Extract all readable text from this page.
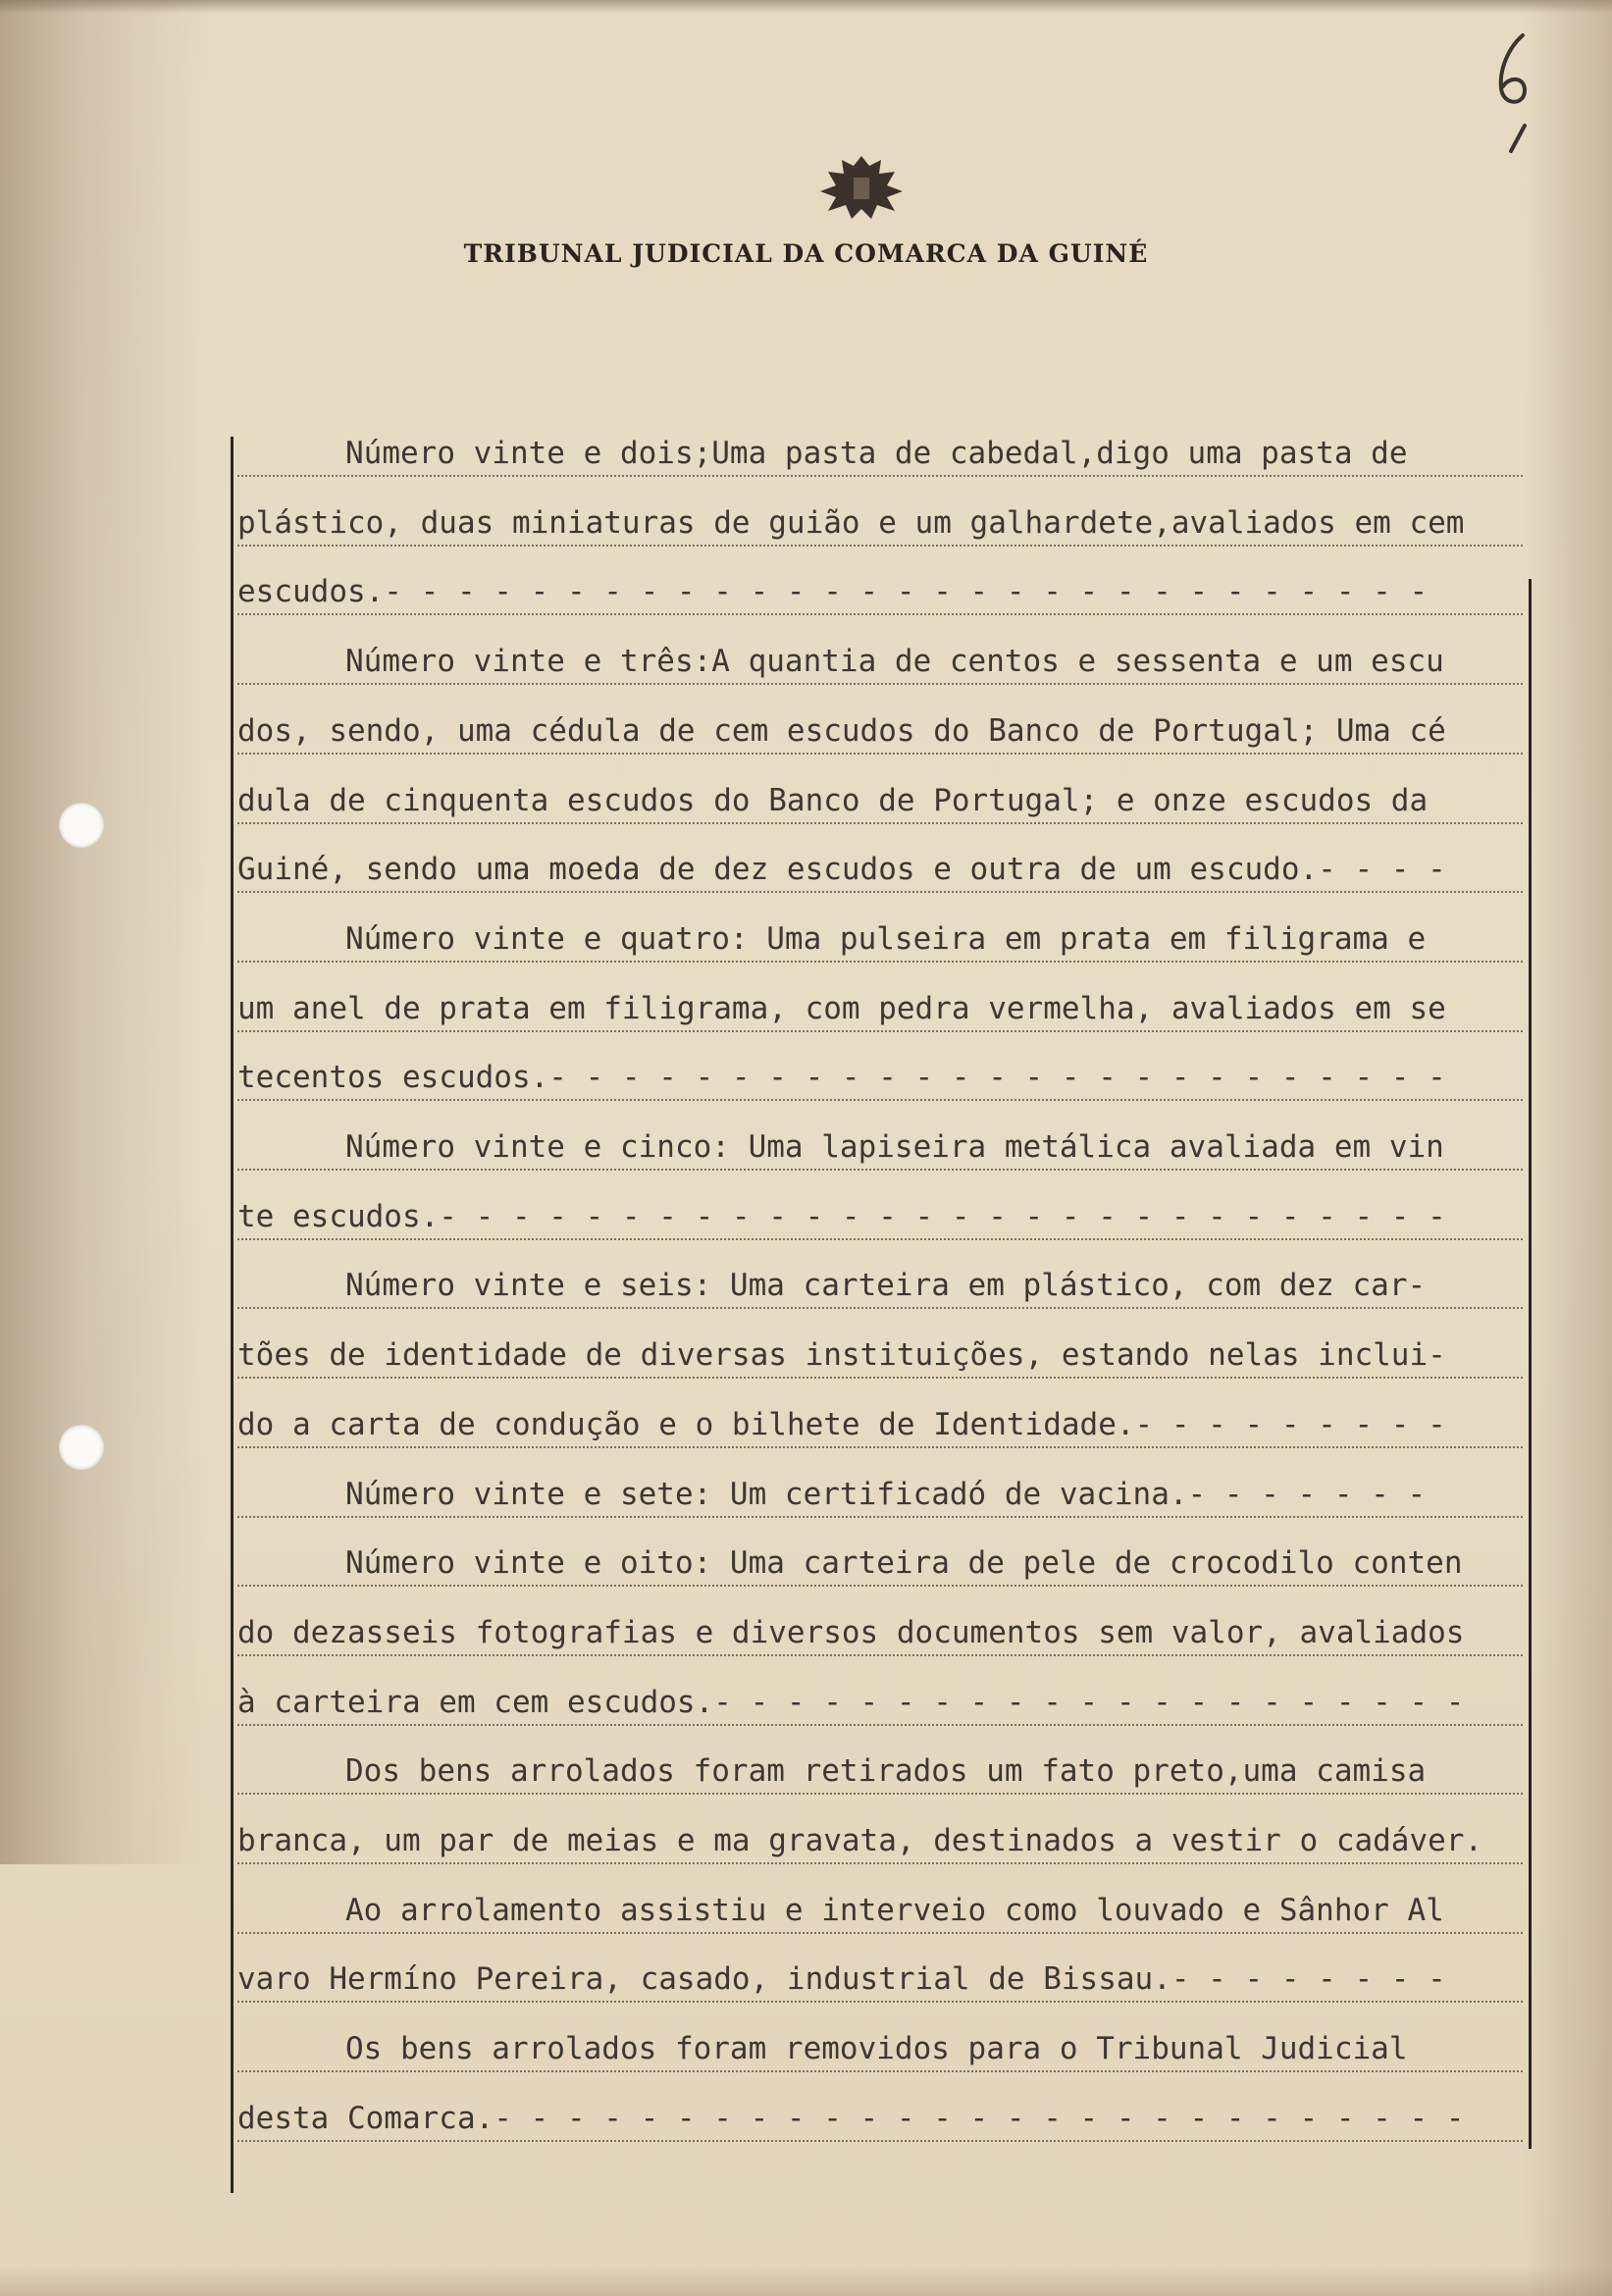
TRIBUNAL JUDICIAL DA COMARCA DA GUINÉ
Número vinte e dois;Uma pasta de cabedal,digo uma pasta de
plástico, duas miniaturas de guião e um galhardete,avaliados em cem
escudos.- - - - - - - - - - - - - - - - - - - - - - - - - - - - -
Número vinte e três:A quantia de centos e sessenta e um escu
dos, sendo, uma cédula de cem escudos do Banco de Portugal; Uma cé
dula de cinquenta escudos do Banco de Portugal; e onze escudos da
Guiné, sendo uma moeda de dez escudos e outra de um escudo.- - - -
Número vinte e quatro: Uma pulseira em prata em filigrama e
um anel de prata em filigrama, com pedra vermelha, avaliados em se
tecentos escudos.- - - - - - - - - - - - - - - - - - - - - - - - -
Número vinte e cinco: Uma lapiseira metálica avaliada em vin
te escudos.- - - - - - - - - - - - - - - - - - - - - - - - - - - -
Número vinte e seis: Uma carteira em plástico, com dez car-
tões de identidade de diversas instituições, estando nelas inclui-
do a carta de condução e o bilhete de Identidade.- - - - - - - - -
Número vinte e sete: Um certificadó de vacina.- - - - - - -
Número vinte e oito: Uma carteira de pele de crocodilo conten
do dezasseis fotografias e diversos documentos sem valor, avaliados
à carteira em cem escudos.- - - - - - - - - - - - - - - - - - - - -
Dos bens arrolados foram retirados um fato preto,uma camisa
branca, um par de meias e ma gravata, destinados a vestir o cadáver.
Ao arrolamento assistiu e interveio como louvado e Sânhor Al
varo Hermíno Pereira, casado, industrial de Bissau.- - - - - - - -
Os bens arrolados foram removidos para o Tribunal Judicial
desta Comarca.- - - - - - - - - - - - - - - - - - - - - - - - - - -
